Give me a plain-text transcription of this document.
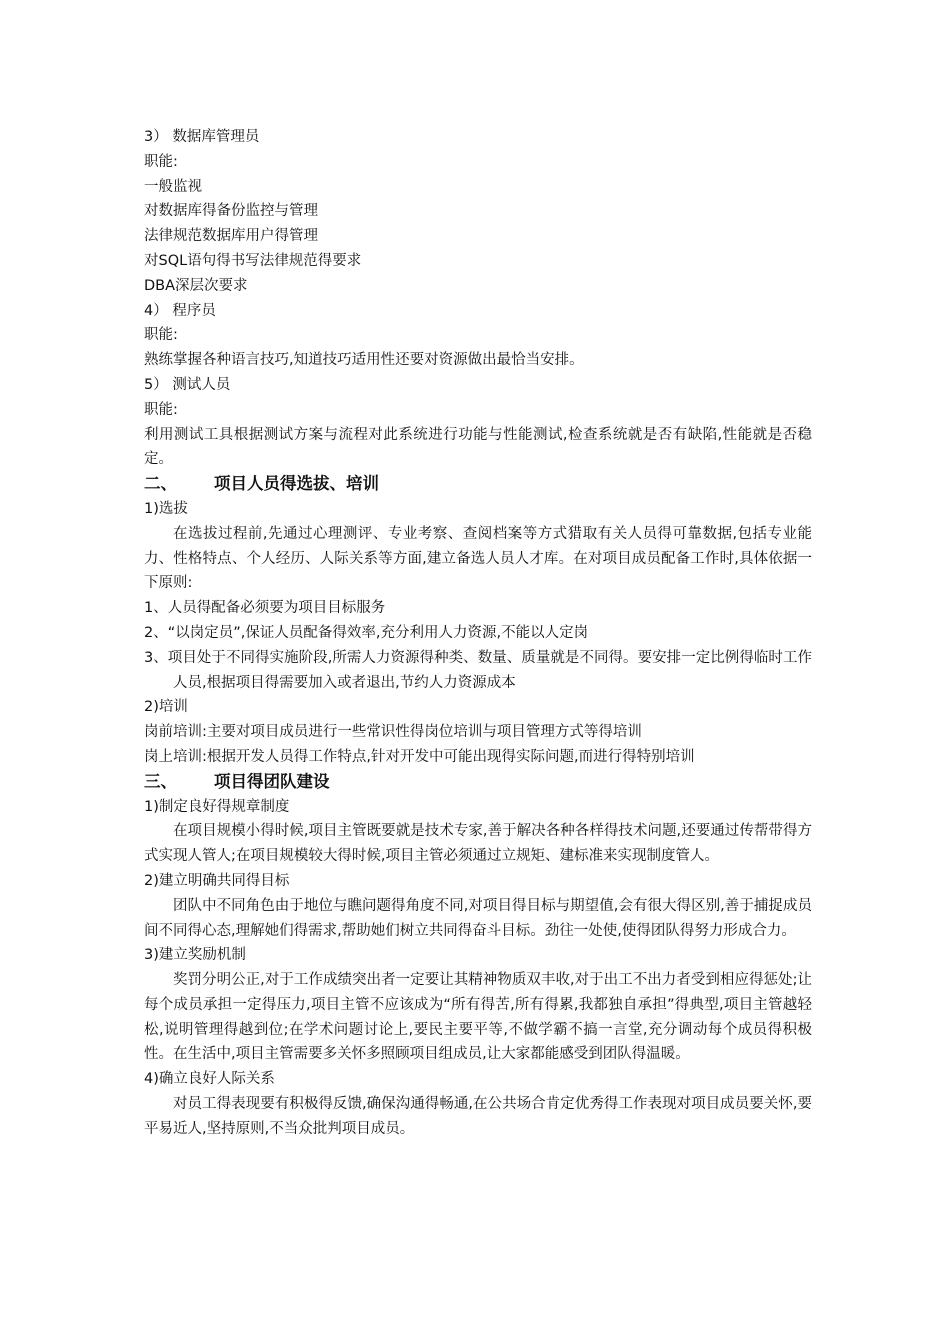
3） 数据库管理员
职能:
一般监视
对数据库得备份监控与管理
法律规范数据库用户得管理
对SQL语句得书写法律规范得要求
DBA深层次要求
4） 程序员
职能:
熟练掌握各种语言技巧,知道技巧适用性还要对资源做出最恰当安排。
5） 测试人员
职能:
利用测试工具根据测试方案与流程对此系统进行功能与性能测试,检查系统就是否有缺陷,性能就是否稳定。
二、 项目人员得选拔、培训
1)选拔
在选拔过程前,先通过心理测评、专业考察、查阅档案等方式猎取有关人员得可靠数据,包括专业能力、性格特点、个人经历、人际关系等方面,建立备选人员人才库。在对项目成员配备工作时,具体依据一下原则:
1、人员得配备必须要为项目目标服务
2、“以岗定员”,保证人员配备得效率,充分利用人力资源,不能以人定岗
3、项目处于不同得实施阶段,所需人力资源得种类、数量、质量就是不同得。要安排一定比例得临时工作人员,根据项目得需要加入或者退出,节约人力资源成本
2)培训
岗前培训:主要对项目成员进行一些常识性得岗位培训与项目管理方式等得培训
岗上培训:根据开发人员得工作特点,针对开发中可能出现得实际问题,而进行得特别培训
三、 项目得团队建设
1)制定良好得规章制度
在项目规模小得时候,项目主管既要就是技术专家,善于解决各种各样得技术问题,还要通过传帮带得方式实现人管人;在项目规模较大得时候,项目主管必须通过立规矩、建标准来实现制度管人。
2)建立明确共同得目标
团队中不同角色由于地位与瞧问题得角度不同,对项目得目标与期望值,会有很大得区别,善于捕捉成员间不同得心态,理解她们得需求,帮助她们树立共同得奋斗目标。劲往一处使,使得团队得努力形成合力。
3)建立奖励机制
奖罚分明公正,对于工作成绩突出者一定要让其精神物质双丰收,对于出工不出力者受到相应得惩处;让每个成员承担一定得压力,项目主管不应该成为“所有得苦,所有得累,我都独自承担”得典型,项目主管越轻松,说明管理得越到位;在学术问题讨论上,要民主要平等,不做学霸不搞一言堂,充分调动每个成员得积极性。在生活中,项目主管需要多关怀多照顾项目组成员,让大家都能感受到团队得温暖。
4)确立良好人际关系
对员工得表现要有积极得反馈,确保沟通得畅通,在公共场合肯定优秀得工作表现对项目成员要关怀,要平易近人,坚持原则,不当众批判项目成员。
